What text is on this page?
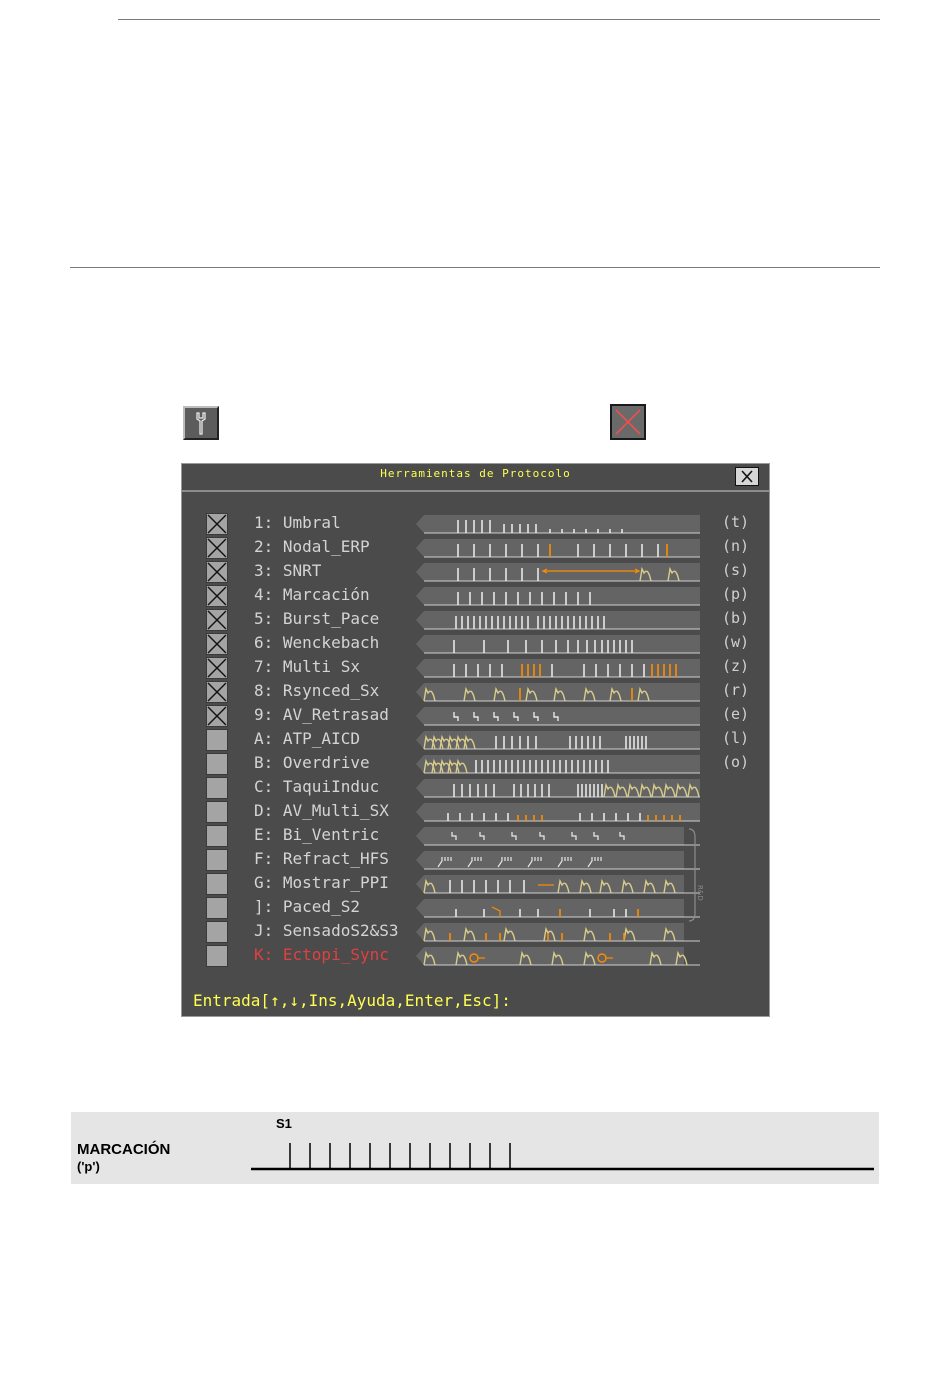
Herramientas de Protocolo
1: Umbral	(t)
2: Nodal_ERP	(n)
3: SNRT	(s)
4: Marcación	(p)
5: Burst_Pace	(b)
6: Wenckebach	(w)
7: Multi Sx	(z)
8: Rsynced_Sx	(r)
9: AV_Retrasad	(e)
A: ATP_AICD	(l)
B: Overdrive	(o)
C: TaquiInduc
D: AV_Multi_SX
E: Bi_Ventric
F: Refract_HFS
G: Mostrar_PPI
]: Paced_S2
J: SensadoS2&S3
K: Ectopi_Sync
Entrada[↑,↓,Ins,Ayuda,Enter,Esc]:
R&D
S1
MARCACIÓN
('p')
